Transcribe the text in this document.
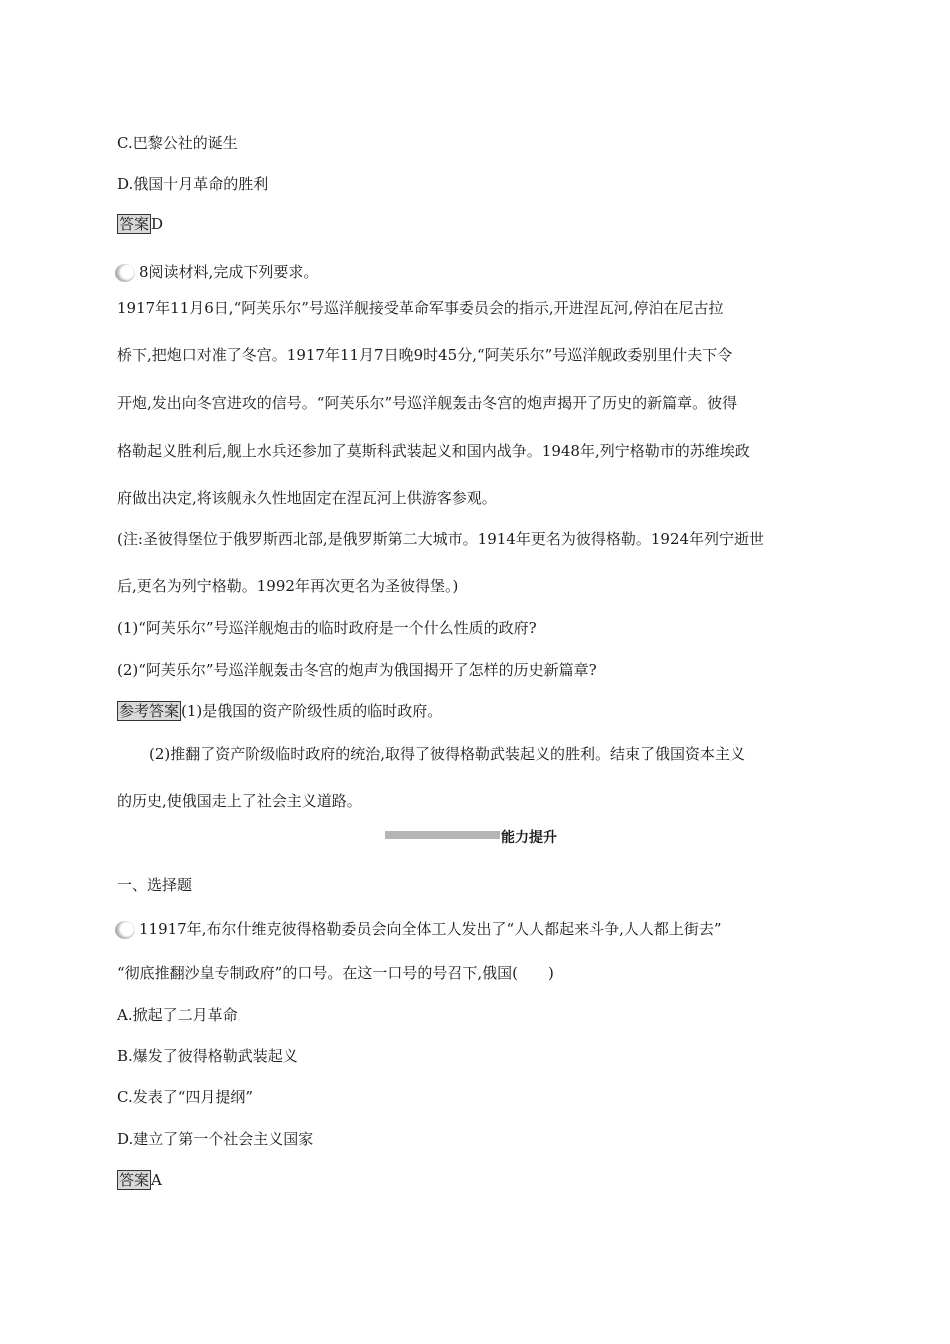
C.巴黎公社的诞生
D.俄国十月革命的胜利
答案 D
8阅读材料,完成下列要求。
1917年11月6日,“阿芙乐尔”号巡洋舰接受革命军事委员会的指示,开进涅瓦河,停泊在尼古拉
桥下,把炮口对准了冬宫。1917年11月7日晚9时45分,“阿芙乐尔”号巡洋舰政委别里什夫下令
开炮,发出向冬宫进攻的信号。“阿芙乐尔”号巡洋舰轰击冬宫的炮声揭开了历史的新篇章。彼得
格勒起义胜利后,舰上水兵还参加了莫斯科武装起义和国内战争。1948年,列宁格勒市的苏维埃政
府做出决定,将该舰永久性地固定在涅瓦河上供游客参观。
(注:圣彼得堡位于俄罗斯西北部,是俄罗斯第二大城市。1914年更名为彼得格勒。1924年列宁逝世
后,更名为列宁格勒。1992年再次更名为圣彼得堡。)
(1)“阿芙乐尔”号巡洋舰炮击的临时政府是一个什么性质的政府?
(2)“阿芙乐尔”号巡洋舰轰击冬宫的炮声为俄国揭开了怎样的历史新篇章?
参考答案 (1)是俄国的资产阶级性质的临时政府。
(2)推翻了资产阶级临时政府的统治,取得了彼得格勒武装起义的胜利。结束了俄国资本主义
的历史,使俄国走上了社会主义道路。
能力提升
一、选择题
11917年,布尔什维克彼得格勒委员会向全体工人发出了“人人都起来斗争,人人都上街去”
“彻底推翻沙皇专制政府”的口号。在这一口号的号召下,俄国(　　)
A.掀起了二月革命
B.爆发了彼得格勒武装起义
C.发表了“四月提纲”
D.建立了第一个社会主义国家
答案 A
